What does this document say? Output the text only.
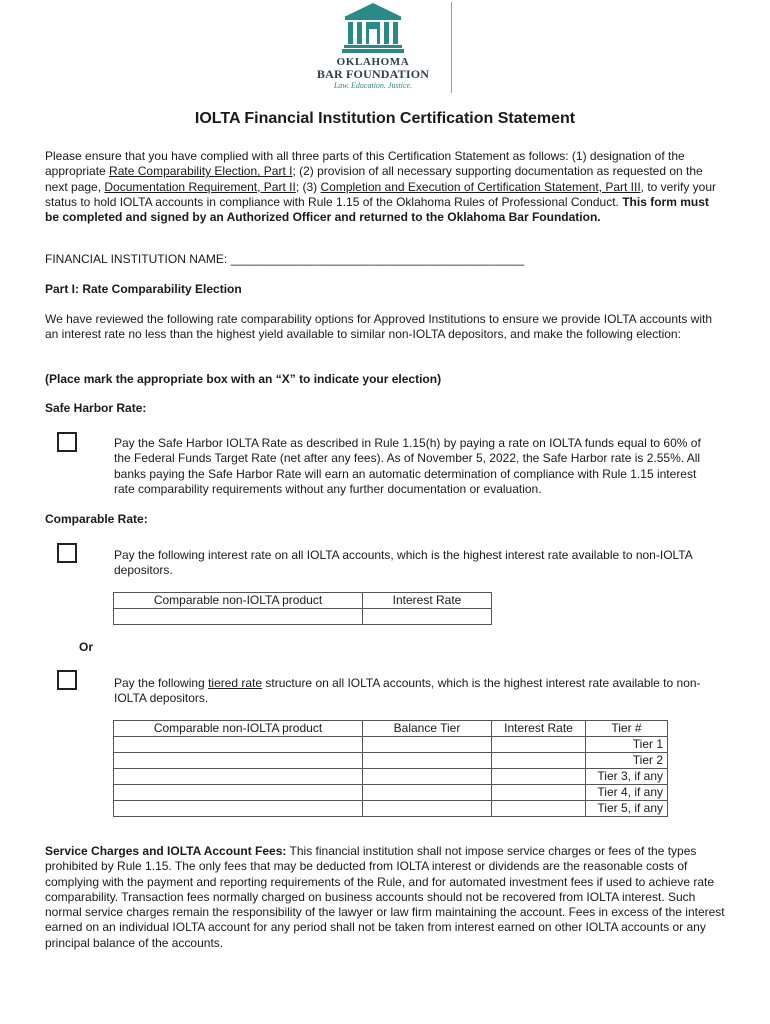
OKLAHOMA
BAR FOUNDATION
Law. Education. Justice.
IOLTA Financial Institution Certification Statement
Please ensure that you have complied with all three parts of this Certification Statement as follows: (1) designation of the appropriate Rate Comparability Election, Part I; (2) provision of all necessary supporting documentation as requested on the next page, Documentation Requirement, Part II; (3) Completion and Execution of Certification Statement, Part III, to verify your status to hold IOLTA accounts in compliance with Rule 1.15 of the Oklahoma Rules of Professional Conduct. This form must be completed and signed by an Authorized Officer and returned to the Oklahoma Bar Foundation.
FINANCIAL INSTITUTION NAME: ____________________________________________
Part I: Rate Comparability Election
We have reviewed the following rate comparability options for Approved Institutions to ensure we provide IOLTA accounts with an interest rate no less than the highest yield available to similar non-IOLTA depositors, and make the following election:
(Place mark the appropriate box with an “X” to indicate your election)
Safe Harbor Rate:
Pay the Safe Harbor IOLTA Rate as described in Rule 1.15(h) by paying a rate on IOLTA funds equal to 60% of the Federal Funds Target Rate (net after any fees). As of November 5, 2022, the Safe Harbor rate is 2.55%. All banks paying the Safe Harbor Rate will earn an automatic determination of compliance with Rule 1.15 interest rate comparability requirements without any further documentation or evaluation.
Comparable Rate:
Pay the following interest rate on all IOLTA accounts, which is the highest interest rate available to non-IOLTA depositors.
Comparable non-IOLTA product	Interest Rate

Or
Pay the following tiered rate structure on all IOLTA accounts, which is the highest interest rate available to non-IOLTA depositors.
Comparable non-IOLTA product	Balance Tier	Interest Rate	Tier #
			Tier 1
			Tier 2
			Tier 3, if any
			Tier 4, if any
			Tier 5, if any
Service Charges and IOLTA Account Fees: This financial institution shall not impose service charges or fees of the types prohibited by Rule 1.15. The only fees that may be deducted from IOLTA interest or dividends are the reasonable costs of complying with the payment and reporting requirements of the Rule, and for automated investment fees if used to achieve rate comparability. Transaction fees normally charged on business accounts should not be recovered from IOLTA interest. Such normal service charges remain the responsibility of the lawyer or law firm maintaining the account. Fees in excess of the interest earned on an individual IOLTA account for any period shall not be taken from interest earned on other IOLTA accounts or any principal balance of the accounts.
